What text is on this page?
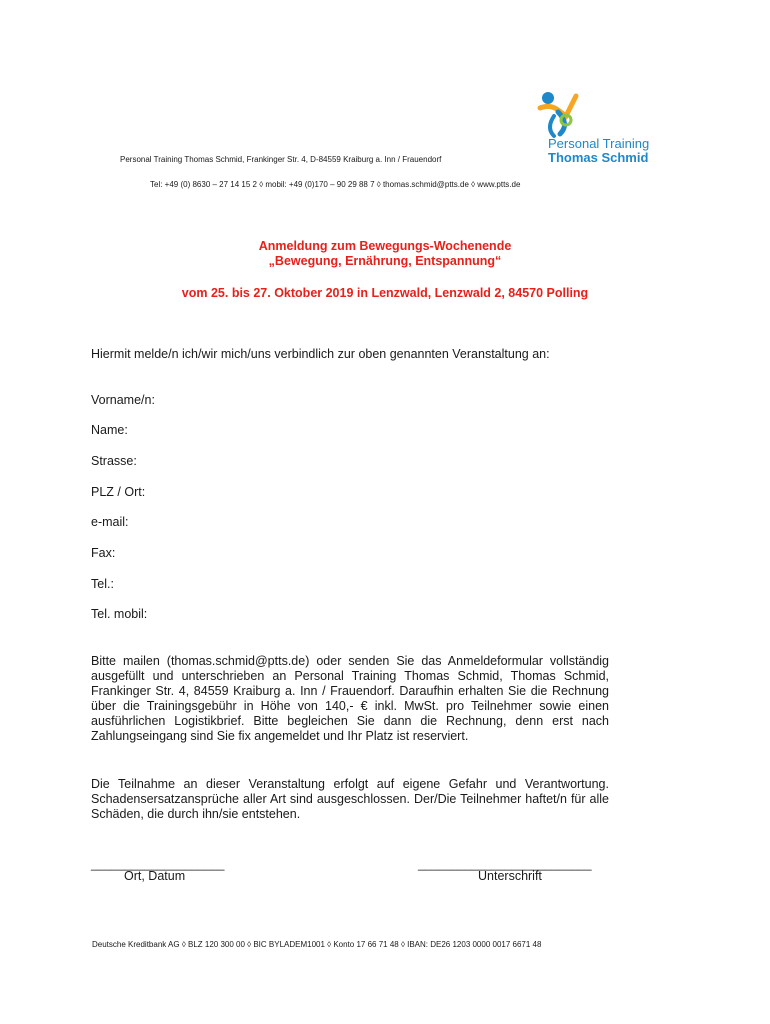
Personal Training
Thomas Schmid
Personal Training Thomas Schmid, Frankinger Str. 4, D-84559 Kraiburg a. Inn / Frauendorf
Tel: +49 (0) 8630 – 27 14 15 2 ◊ mobil: +49 (0)170 – 90 29 88 7 ◊ thomas.schmid@ptts.de ◊ www.ptts.de
Anmeldung zum Bewegungs-Wochenende
„Bewegung, Ernährung, Entspannung“
vom 25. bis 27. Oktober 2019 in Lenzwald, Lenzwald 2, 84570 Polling
Hiermit melde/n ich/wir mich/uns verbindlich zur oben genannten Veranstaltung an:
Vorname/n:
Name:
Strasse:
PLZ / Ort:
e-mail:
Fax:
Tel.:
Tel. mobil:
Bitte mailen (thomas.schmid@ptts.de) oder senden Sie das Anmeldeformular vollständig ausgefüllt und unterschrieben an Personal Training Thomas Schmid, Thomas Schmid, Frankinger Str. 4, 84559 Kraiburg a. Inn / Frauendorf. Daraufhin erhalten Sie die Rechnung über die Trainingsgebühr in Höhe von 140,- € inkl. MwSt. pro Teilnehmer sowie einen ausführlichen Logistikbrief. Bitte begleichen Sie dann die Rechnung, denn erst nach Zahlungseingang sind Sie fix angemeldet und Ihr Platz ist reserviert.
Die Teilnahme an dieser Veranstaltung erfolgt auf eigene Gefahr und Verantwortung. Schadensersatzansprüche aller Art sind ausgeschlossen. Der/Die Teilnehmer haftet/n für alle Schäden, die durch ihn/sie entstehen.
____________________	__________________________
Ort, Datum	Unterschrift
Deutsche Kreditbank AG ◊ BLZ 120 300 00 ◊ BIC BYLADEM1001 ◊ Konto 17 66 71 48 ◊ IBAN: DE26 1203 0000 0017 6671 48
